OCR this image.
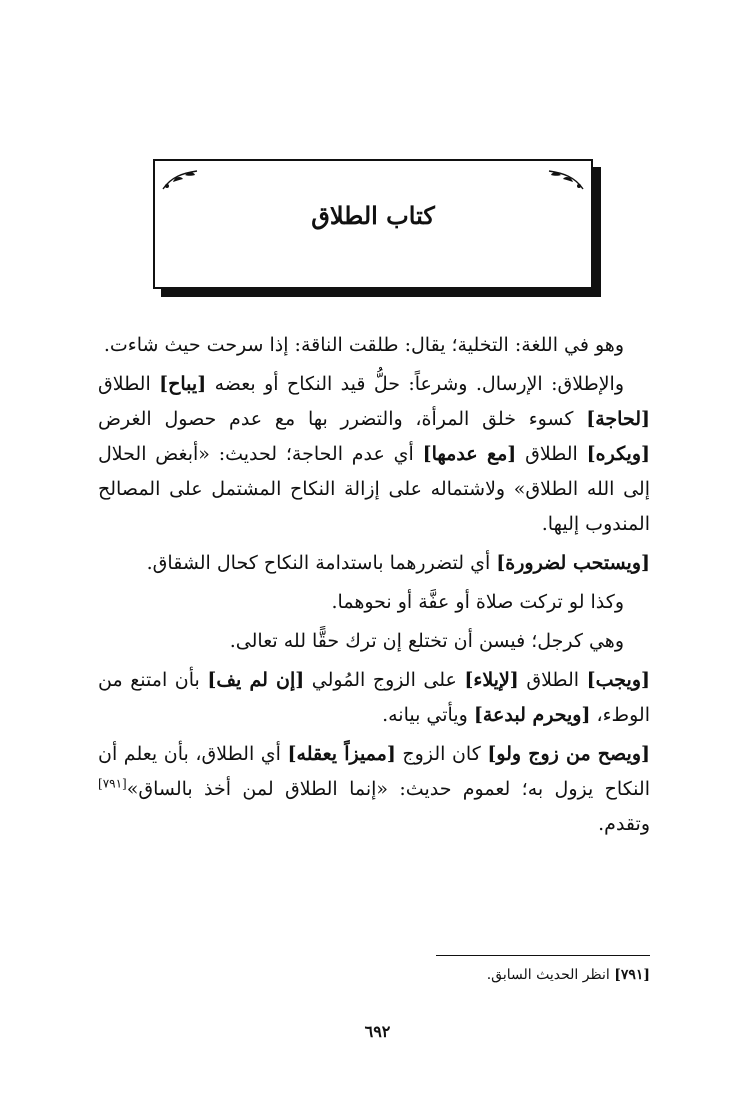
كتاب الطلاق

وهو في اللغة: التخلية؛ يقال: طلقت الناقة: إذا سرحت حيث شاءت.

والإطلاق: الإرسال. وشرعاً: حلُّ قيد النكاح أو بعضه [يباح] الطلاق [لحاجة] كسوء خلق المرأة، والتضرر بها مع عدم حصول الغرض [ويكره] الطلاق [مع عدمها] أي عدم الحاجة؛ لحديث: «أبغض الحلال إلى الله الطلاق» ولاشتماله على إزالة النكاح المشتمل على المصالح المندوب إليها.

[ويستحب لضرورة] أي لتضررهما باستدامة النكاح كحال الشقاق.

وكذا لو تركت صلاة أو عفَّة أو نحوهما.

وهي كرجل؛ فيسن أن تختلع إن ترك حقًّا لله تعالى.

[ويجب] الطلاق [لإيلاء] على الزوج المُولي [إن لم يف] بأن امتنع من الوطء، [ويحرم لبدعة] ويأتي بيانه.

[ويصح من زوج ولو] كان الزوج [مميزاً يعقله] أي الطلاق، بأن يعلم أن النكاح يزول به؛ لعموم حديث: «إنما الطلاق لمن أخذ بالساق»[٧٩١] وتقدم.

[٧٩١] انظر الحديث السابق.
٦٩٢
